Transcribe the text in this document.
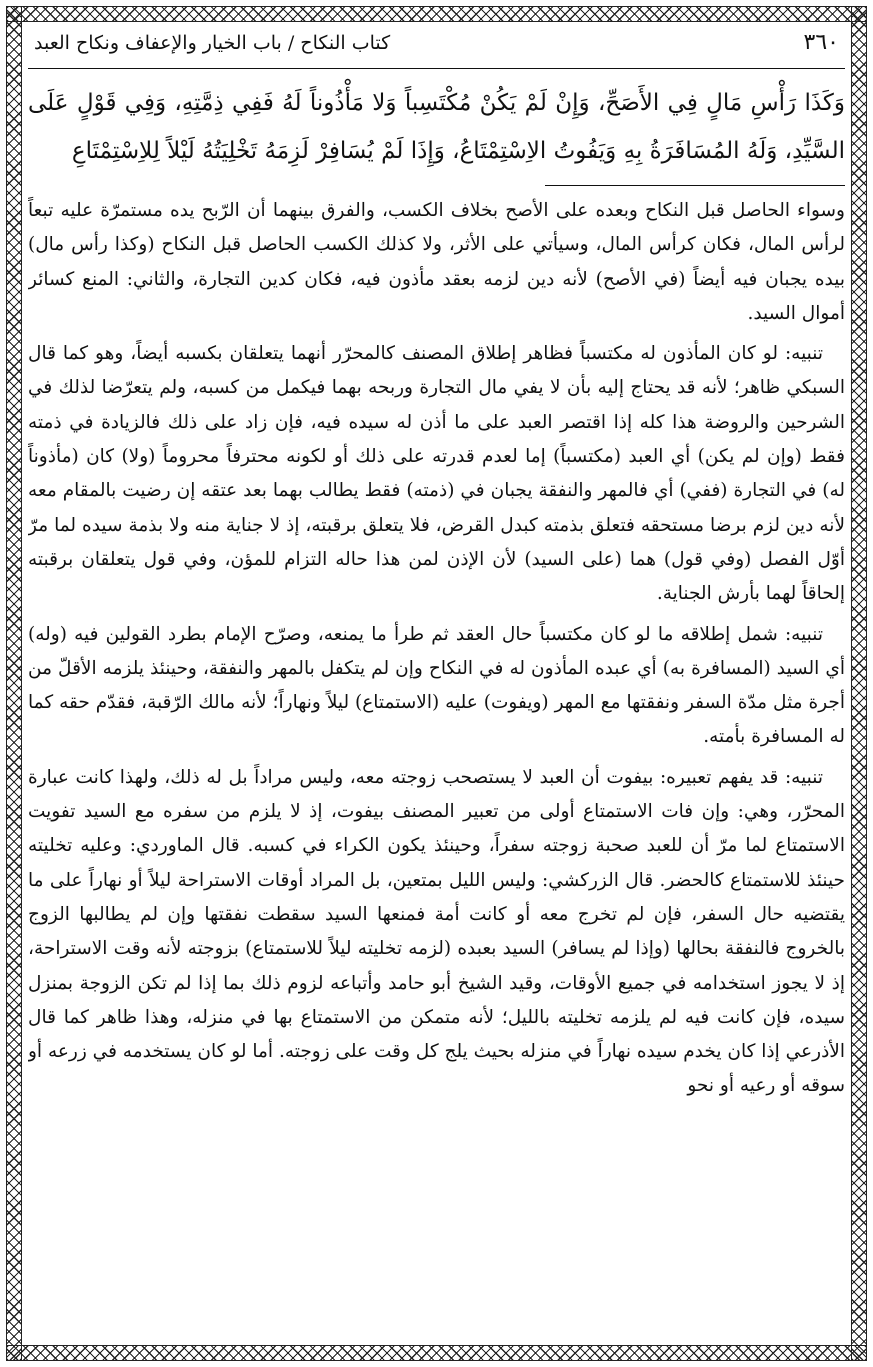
٣٦٠
كتاب النكاح / باب الخيار والإعفاف ونكاح العبد

وَكَذَا رَأْسِ مَالٍ فِي الأَصَحِّ، وَإِنْ لَمْ يَكُنْ مُكْتَسِباً وَلا مَأْذُوناً لَهُ فَفِي ذِمَّتِهِ، وَفِي قَوْلٍ عَلَى السَّيِّدِ، وَلَهُ المُسَافَرَةُ بِهِ وَيَفُوتُ الاِسْتِمْتَاعُ، وَإِذَا لَمْ يُسَافِرْ لَزِمَهُ تَخْلِيَتُهُ لَيْلاً لِلاِسْتِمْتَاعِ

وسواء الحاصل قبل النكاح وبعده على الأصح بخلاف الكسب، والفرق بينهما أن الرّبح يده مستمرّة عليه تبعاً لرأس المال، فكان كرأس المال، وسيأتي على الأثر، ولا كذلك الكسب الحاصل قبل النكاح (وكذا رأس مال) بيده يجبان فيه أيضاً (في الأصح) لأنه دين لزمه بعقد مأذون فيه، فكان كدين التجارة، والثاني: المنع كسائر أموال السيد.

تنبيه: لو كان المأذون له مكتسباً فظاهر إطلاق المصنف كالمحرّر أنهما يتعلقان بكسبه أيضاً، وهو كما قال السبكي ظاهر؛ لأنه قد يحتاج إليه بأن لا يفي مال التجارة وربحه بهما فيكمل من كسبه، ولم يتعرّضا لذلك في الشرحين والروضة هذا كله إذا اقتصر العبد على ما أذن له سيده فيه، فإن زاد على ذلك فالزيادة في ذمته فقط (وإن لم يكن) أي العبد (مكتسباً) إما لعدم قدرته على ذلك أو لكونه محترفاً محروماً (ولا) كان (مأذوناً له) في التجارة (ففي) أي فالمهر والنفقة يجبان في (ذمته) فقط يطالب بهما بعد عتقه إن رضيت بالمقام معه لأنه دين لزم برضا مستحقه فتعلق بذمته كبدل القرض، فلا يتعلق برقبته، إذ لا جناية منه ولا بذمة سيده لما مرّ أوّل الفصل (وفي قول) هما (على السيد) لأن الإذن لمن هذا حاله التزام للمؤن، وفي قول يتعلقان برقبته إلحاقاً لهما بأرش الجناية.

تنبيه: شمل إطلاقه ما لو كان مكتسباً حال العقد ثم طرأ ما يمنعه، وصرّح الإمام بطرد القولين فيه (وله) أي السيد (المسافرة به) أي عبده المأذون له في النكاح وإن لم يتكفل بالمهر والنفقة، وحينئذ يلزمه الأقلّ من أجرة مثل مدّة السفر ونفقتها مع المهر (ويفوت) عليه (الاستمتاع) ليلاً ونهاراً؛ لأنه مالك الرّقبة، فقدّم حقه كما له المسافرة بأمته.

تنبيه: قد يفهم تعبيره: بيفوت أن العبد لا يستصحب زوجته معه، وليس مراداً بل له ذلك، ولهذا كانت عبارة المحرّر، وهي: وإن فات الاستمتاع أولى من تعبير المصنف بيفوت، إذ لا يلزم من سفره مع السيد تفويت الاستمتاع لما مرّ أن للعبد صحبة زوجته سفراً، وحينئذ يكون الكراء في كسبه. قال الماوردي: وعليه تخليته حينئذ للاستمتاع كالحضر. قال الزركشي: وليس الليل بمتعين، بل المراد أوقات الاستراحة ليلاً أو نهاراً على ما يقتضيه حال السفر، فإن لم تخرج معه أو كانت أمة فمنعها السيد سقطت نفقتها وإن لم يطالبها الزوج بالخروج فالنفقة بحالها (وإذا لم يسافر) السيد بعبده (لزمه تخليته ليلاً للاستمتاع) بزوجته لأنه وقت الاستراحة، إذ لا يجوز استخدامه في جميع الأوقات، وقيد الشيخ أبو حامد وأتباعه لزوم ذلك بما إذا لم تكن الزوجة بمنزل سيده، فإن كانت فيه لم يلزمه تخليته بالليل؛ لأنه متمكن من الاستمتاع بها في منزله، وهذا ظاهر كما قال الأذرعي إذا كان يخدم سيده نهاراً في منزله بحيث يلج كل وقت على زوجته. أما لو كان يستخدمه في زرعه أو سوقه أو رعيه أو نحو
